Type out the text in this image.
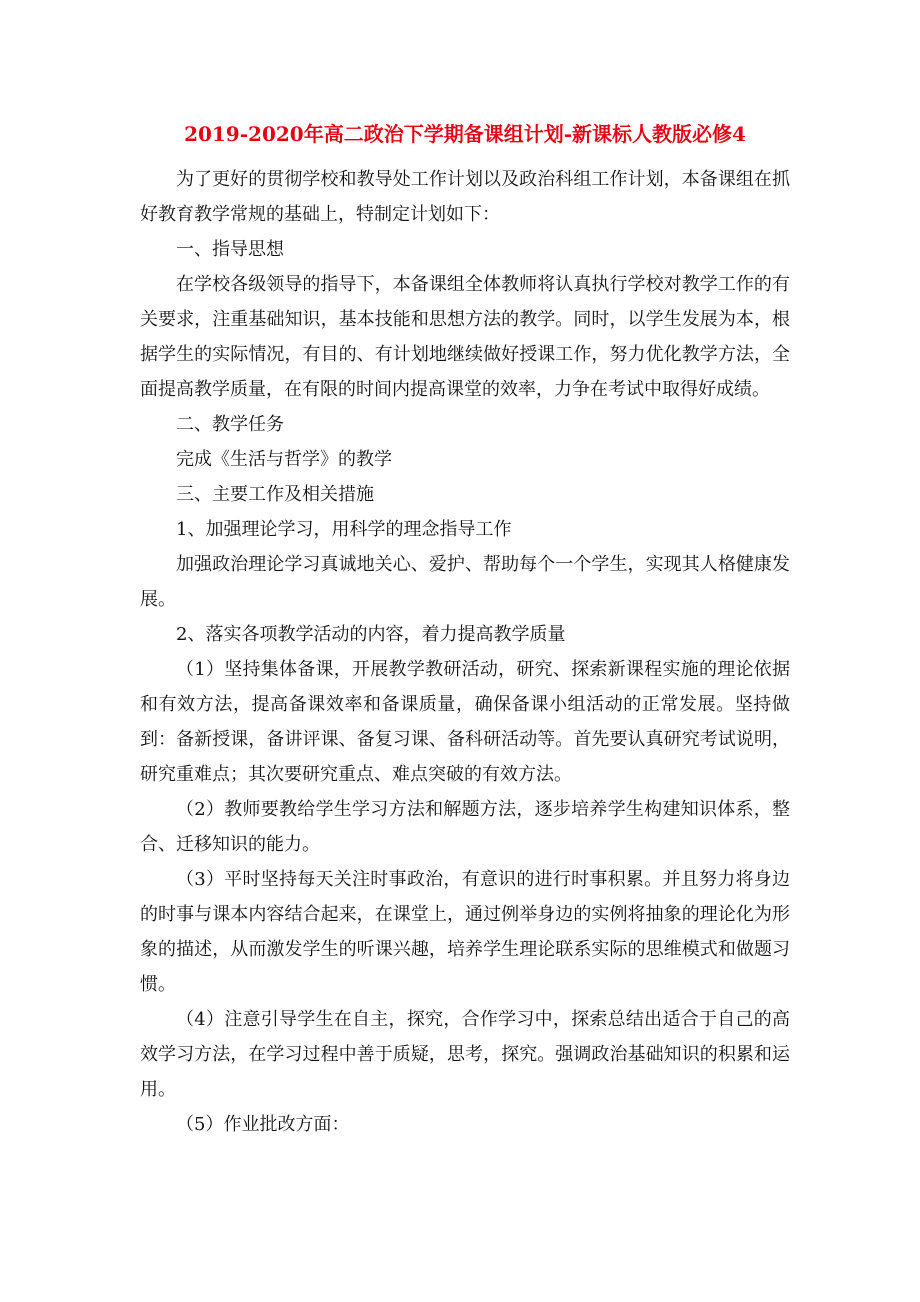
2019-2020年高二政治下学期备课组计划-新课标人教版必修4

为了更好的贯彻学校和教导处工作计划以及政治科组工作计划，本备课组在抓好教育教学常规的基础上，特制定计划如下：

一、指导思想

在学校各级领导的指导下，本备课组全体教师将认真执行学校对教学工作的有关要求，注重基础知识，基本技能和思想方法的教学。同时，以学生发展为本，根据学生的实际情况，有目的、有计划地继续做好授课工作，努力优化教学方法，全面提高教学质量，在有限的时间内提高课堂的效率，力争在考试中取得好成绩。

二、教学任务

完成《生活与哲学》的教学

三、主要工作及相关措施

1、加强理论学习，用科学的理念指导工作

加强政治理论学习真诚地关心、爱护、帮助每个一个学生，实现其人格健康发展。

2、落实各项教学活动的内容，着力提高教学质量

（1）坚持集体备课，开展教学教研活动，研究、探索新课程实施的理论依据和有效方法，提高备课效率和备课质量，确保备课小组活动的正常发展。坚持做到：备新授课，备讲评课、备复习课、备科研活动等。首先要认真研究考试说明，研究重难点；其次要研究重点、难点突破的有效方法。

（2）教师要教给学生学习方法和解题方法，逐步培养学生构建知识体系，整合、迁移知识的能力。

（3）平时坚持每天关注时事政治，有意识的进行时事积累。并且努力将身边的时事与课本内容结合起来，在课堂上，通过例举身边的实例将抽象的理论化为形象的描述，从而激发学生的听课兴趣，培养学生理论联系实际的思维模式和做题习惯。

（4）注意引导学生在自主，探究，合作学习中，探索总结出适合于自己的高效学习方法，在学习过程中善于质疑，思考，探究。强调政治基础知识的积累和运用。

（5）作业批改方面：
